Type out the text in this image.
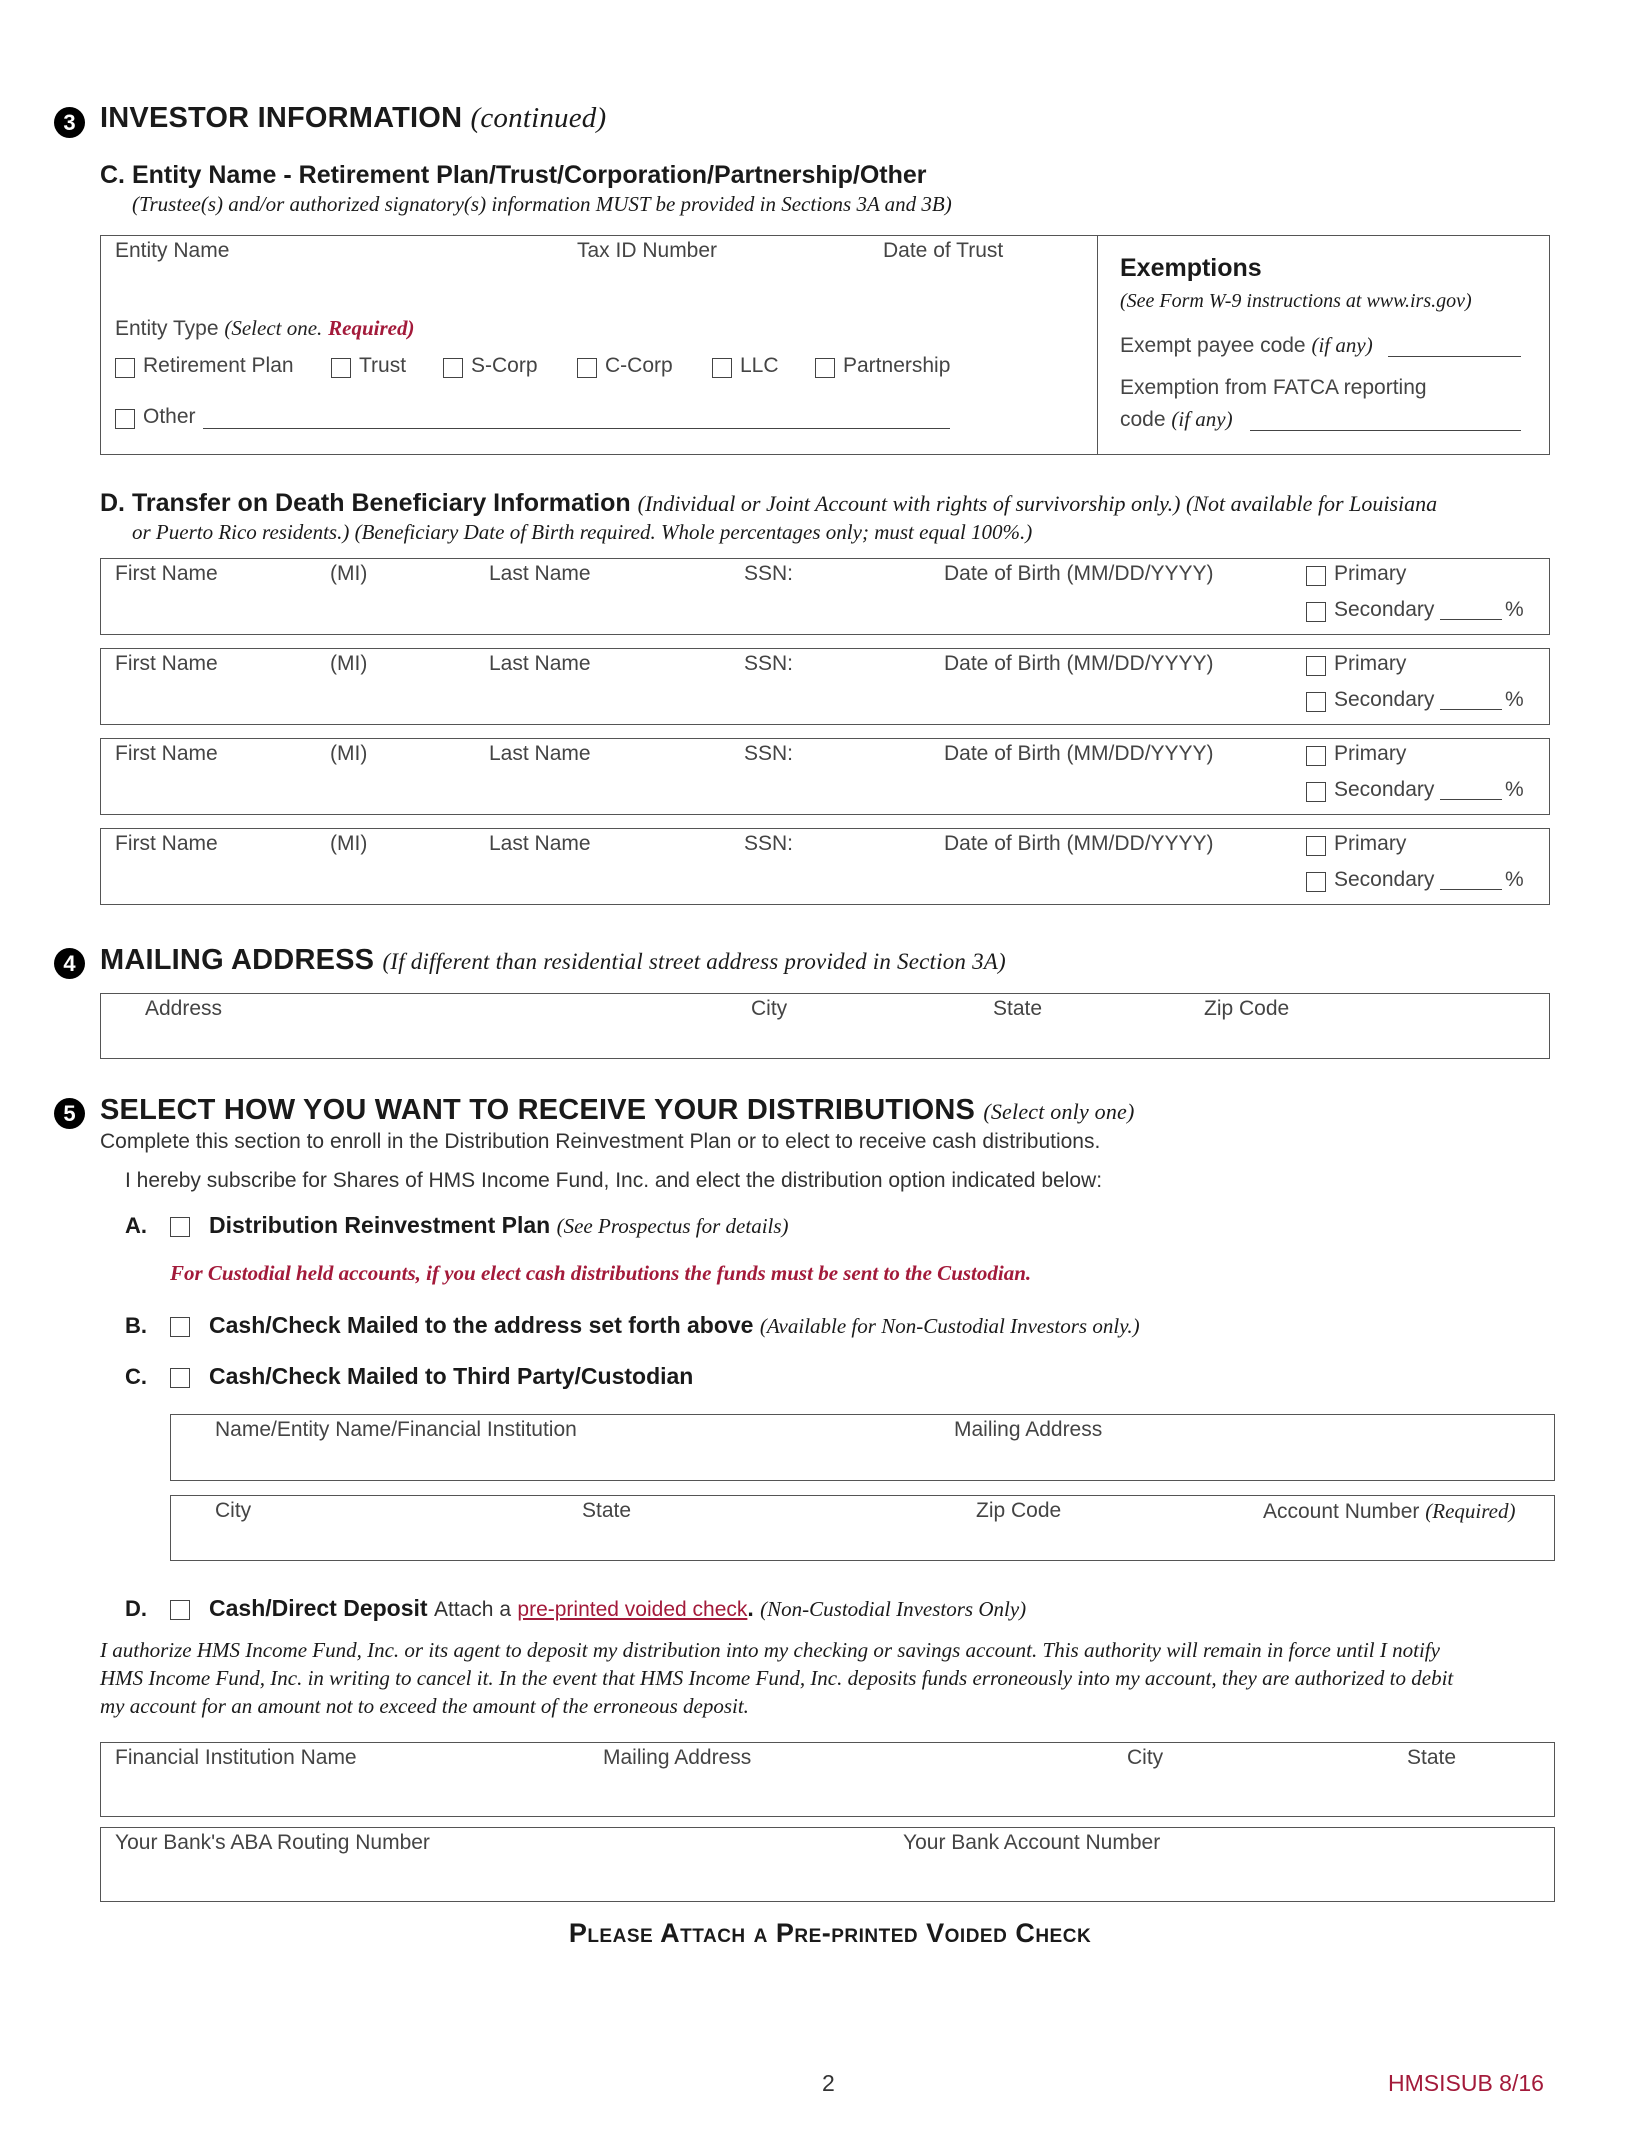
3 INVESTOR INFORMATION (continued)
C. Entity Name - Retirement Plan/Trust/Corporation/Partnership/Other
(Trustee(s) and/or authorized signatory(s) information MUST be provided in Sections 3A and 3B)
Entity Name	Tax ID Number	Date of Trust
Entity Type (Select one. Required)
Retirement Plan	Trust	S-Corp	C-Corp	LLC	Partnership
Other
Exemptions
(See Form W-9 instructions at www.irs.gov)
Exempt payee code (if any)
Exemption from FATCA reporting
code (if any)
D. Transfer on Death Beneficiary Information (Individual or Joint Account with rights of survivorship only.) (Not available for Louisiana
or Puerto Rico residents.) (Beneficiary Date of Birth required. Whole percentages only; must equal 100%.)
First Name	(MI)	Last Name	SSN:	Date of Birth (MM/DD/YYYY)	Primary
Secondary	%
First Name	(MI)	Last Name	SSN:	Date of Birth (MM/DD/YYYY)	Primary
Secondary	%
First Name	(MI)	Last Name	SSN:	Date of Birth (MM/DD/YYYY)	Primary
Secondary	%
First Name	(MI)	Last Name	SSN:	Date of Birth (MM/DD/YYYY)	Primary
Secondary	%
4 MAILING ADDRESS (If different than residential street address provided in Section 3A)
Address	City	State	Zip Code
5 SELECT HOW YOU WANT TO RECEIVE YOUR DISTRIBUTIONS (Select only one)
Complete this section to enroll in the Distribution Reinvestment Plan or to elect to receive cash distributions.
I hereby subscribe for Shares of HMS Income Fund, Inc. and elect the distribution option indicated below:
A.	Distribution Reinvestment Plan (See Prospectus for details)
For Custodial held accounts, if you elect cash distributions the funds must be sent to the Custodian.
B.	Cash/Check Mailed to the address set forth above (Available for Non-Custodial Investors only.)
C.	Cash/Check Mailed to Third Party/Custodian
Name/Entity Name/Financial Institution	Mailing Address
City	State	Zip Code	Account Number (Required)
D.	Cash/Direct Deposit Attach a pre-printed voided check. (Non-Custodial Investors Only)
I authorize HMS Income Fund, Inc. or its agent to deposit my distribution into my checking or savings account. This authority will remain in force until I notify
HMS Income Fund, Inc. in writing to cancel it. In the event that HMS Income Fund, Inc. deposits funds erroneously into my account, they are authorized to debit
my account for an amount not to exceed the amount of the erroneous deposit.
Financial Institution Name	Mailing Address	City	State
Your Bank's ABA Routing Number	Your Bank Account Number
Please Attach a Pre-printed Voided Check
2	HMSISUB 8/16
